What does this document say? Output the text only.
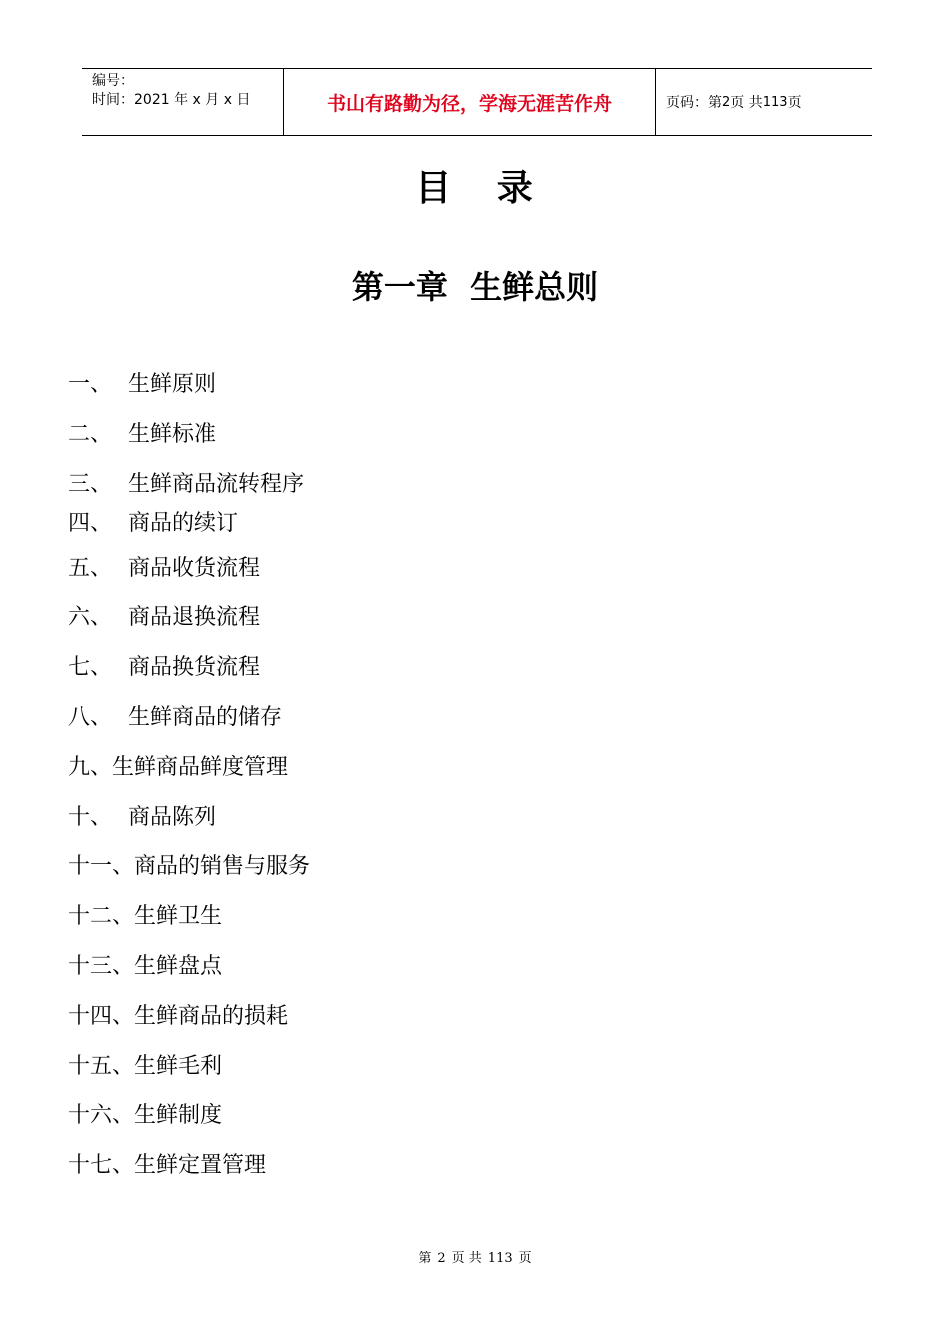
编号：
时间：2021 年 x 月 x 日	书山有路勤为径，学海无涯苦作舟	页码：第 2 页 共 113 页
目   录
第一章  生鲜总则
一、 生鲜原则
二、 生鲜标准
三、 生鲜商品流转程序
四、 商品的续订
五、 商品收货流程
六、 商品退换流程
七、 商品换货流程
八、 生鲜商品的储存
九、生鲜商品鲜度管理
十、 商品陈列
十一、商品的销售与服务
十二、生鲜卫生
十三、生鲜盘点
十四、生鲜商品的损耗
十五、生鲜毛利
十六、生鲜制度
十七、生鲜定置管理
第 2 页 共 113 页
